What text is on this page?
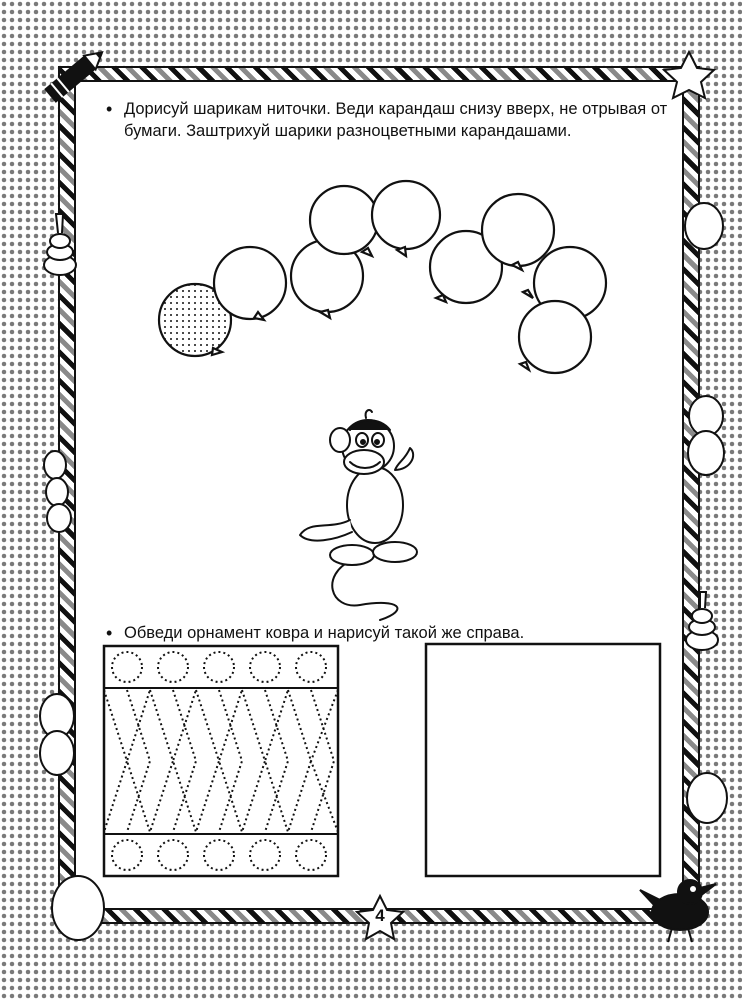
• Дорисуй шарикам ниточки. Веди карандаш снизу вверх, не отрывая от бумаги. Заштрихуй шарики разноцветными карандашами.
• Обведи орнамент ковра и нарисуй такой же справа.
4
